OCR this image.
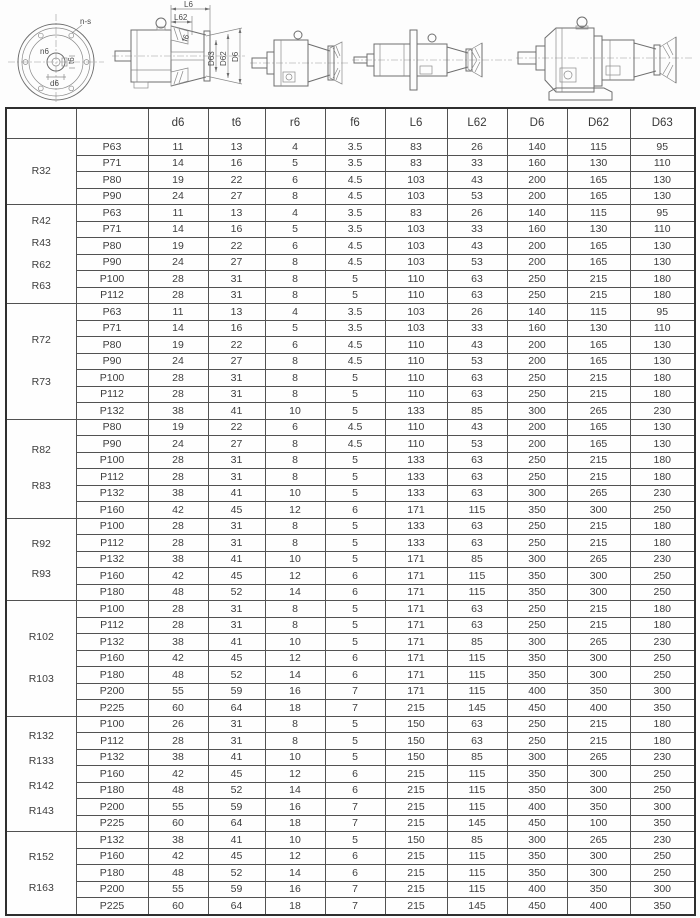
n-s
n6
t6
d6
L6
L62
f6
D63 D62 D6
		d6	t6	r6	f6	L6	L62	D6	D62	D63

R32	P63	11	13	4	3.5	83	26	140	115	95
	P71	14	16	5	3.5	83	33	160	130	110
	P80	19	22	6	4.5	103	43	200	165	130
	P90	24	27	8	4.5	103	53	200	165	130

R42
R43
R62
R63	P63	11	13	4	3.5	83	26	140	115	95
	P71	14	16	5	3.5	103	33	160	130	110
	P80	19	22	6	4.5	103	43	200	165	130
	P90	24	27	8	4.5	103	53	200	165	130
	P100	28	31	8	5	110	63	250	215	180
	P112	28	31	8	5	110	63	250	215	180

R72
R73	P63	11	13	4	3.5	103	26	140	115	95
	P71	14	16	5	3.5	103	33	160	130	110
	P80	19	22	6	4.5	110	43	200	165	130
	P90	24	27	8	4.5	110	53	200	165	130
	P100	28	31	8	5	110	63	250	215	180
	P112	28	31	8	5	110	63	250	215	180
	P132	38	41	10	5	133	85	300	265	230

R82
R83	P80	19	22	6	4.5	110	43	200	165	130
	P90	24	27	8	4.5	110	53	200	165	130
	P100	28	31	8	5	133	63	250	215	180
	P112	28	31	8	5	133	63	250	215	180
	P132	38	41	10	5	133	63	300	265	230
	P160	42	45	12	6	171	115	350	300	250

R92
R93	P100	28	31	8	5	133	63	250	215	180
	P112	28	31	8	5	133	63	250	215	180
	P132	38	41	10	5	171	85	300	265	230
	P160	42	45	12	6	171	115	350	300	250
	P180	48	52	14	6	171	115	350	300	250

R102
R103	P100	28	31	8	5	171	63	250	215	180
	P112	28	31	8	5	171	63	250	215	180
	P132	38	41	10	5	171	85	300	265	230
	P160	42	45	12	6	171	115	350	300	250
	P180	48	52	14	6	171	115	350	300	250
	P200	55	59	16	7	171	115	400	350	300
	P225	60	64	18	7	215	145	450	400	350

R132
R133
R142
R143	P100	26	31	8	5	150	63	250	215	180
	P112	28	31	8	5	150	63	250	215	180
	P132	38	41	10	5	150	85	300	265	230
	P160	42	45	12	6	215	115	350	300	250
	P180	48	52	14	6	215	115	350	300	250
	P200	55	59	16	7	215	115	400	350	300
	P225	60	64	18	7	215	145	450	100	350

R152
R163	P132	38	41	10	5	150	85	300	265	230
	P160	42	45	12	6	215	115	350	300	250
	P180	48	52	14	6	215	115	350	300	250
	P200	55	59	16	7	215	115	400	350	300
	P225	60	64	18	7	215	145	450	400	350
